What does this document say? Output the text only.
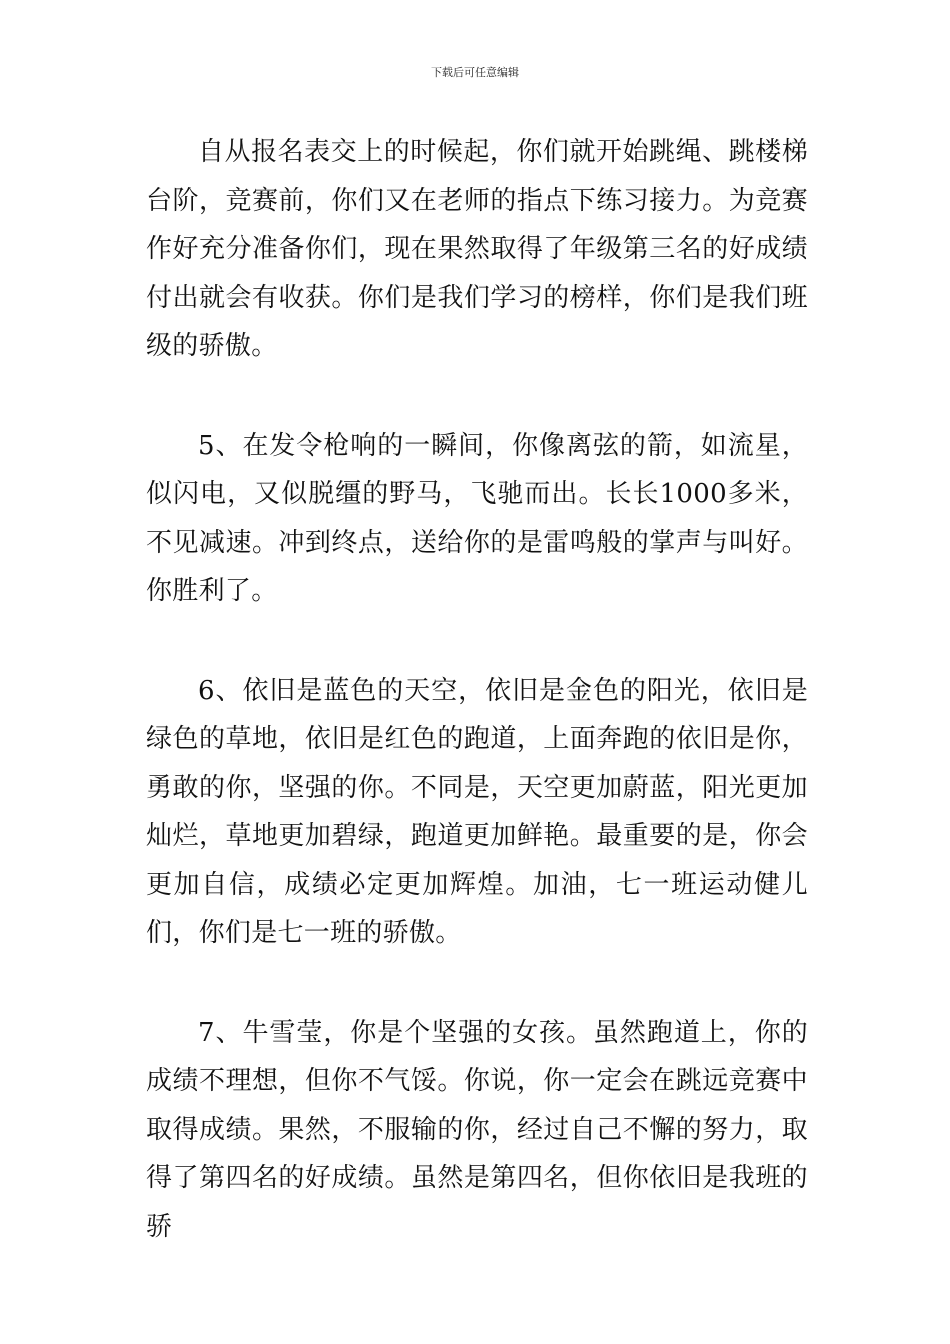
下载后可任意编辑

自从报名表交上的时候起，你们就开始跳绳、跳楼梯台阶，竞赛前，你们又在老师的指点下练习接力。为竞赛作好充分准备你们，现在果然取得了年级第三名的好成绩付出就会有收获。你们是我们学习的榜样，你们是我们班级的骄傲。

5、在发令枪响的一瞬间，你像离弦的箭，如流星，似闪电，又似脱缰的野马，飞驰而出。长长1000多米，不见减速。冲到终点，送给你的是雷鸣般的掌声与叫好。你胜利了。

6、依旧是蓝色的天空，依旧是金色的阳光，依旧是绿色的草地，依旧是红色的跑道，上面奔跑的依旧是你，勇敢的你，坚强的你。不同是，天空更加蔚蓝，阳光更加灿烂，草地更加碧绿，跑道更加鲜艳。最重要的是，你会更加自信，成绩必定更加辉煌。加油，七一班运动健儿们，你们是七一班的骄傲。

7、牛雪莹，你是个坚强的女孩。虽然跑道上，你的成绩不理想，但你不气馁。你说，你一定会在跳远竞赛中取得成绩。果然，不服输的你，经过自己不懈的努力，取得了第四名的好成绩。虽然是第四名，但你依旧是我班的骄
